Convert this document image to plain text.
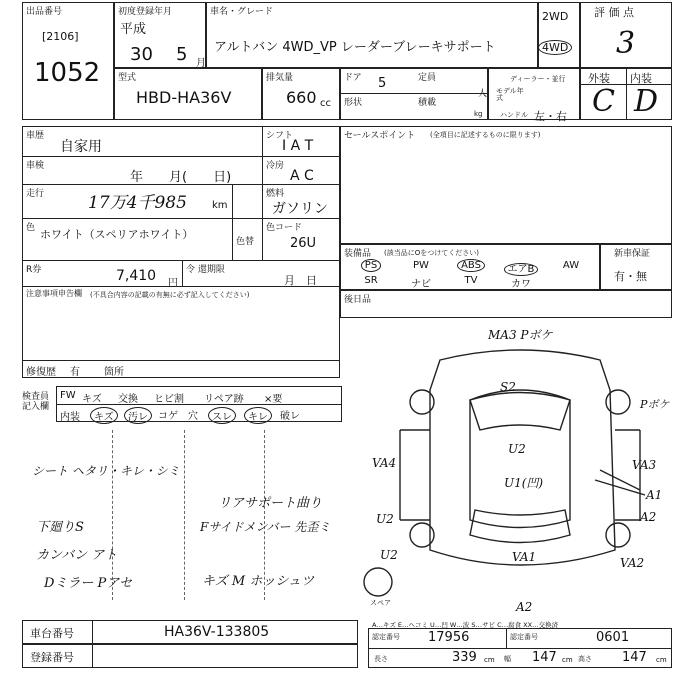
出品番号
[2106]
1052
初度登録年月
平成
30 5 月
車名・グレード
アルトバン 4WD_VP レーダーブレーキサポート
2WD
4WD
評 価 点
3
型式
HBD-HA36V
排気量
660 cc
ドア 5	定員
人
形状	積載
kg
ディーラー・並行
モデル年式
ハンドル 左・右
外装 内装
C D
車歴
自家用
シフト
I A T
車検
年　　月(　　日)
冷房
A C
走行	17万4千985	km
燃料
ガソリン
色 ホワイト（スペリアホワイト）
色替
色コード
26U
R券	7,410 円
令 還期限
月　日
注意事項申告欄 (不具合内容の記載の有無に必ず記入してください)
修復歴 有 箇所
セールスポイント (全項目に記述するものに限ります)
装備品 (該当品にOをつけてください)
PS	PW	ABS	エアB	AW
SR	ナビ	TV	カワ
新車保証
有・無
後日品
検査員記入欄
FW キズ 交換 ヒビ割 リペア跡 ×要
内装	キズ	汚レ	コゲ 穴	スレ	キレ	破レ
シート ヘタリ・キレ・シミ
下廻りS
カンバン アト
Dミラー Pアセ
リアサポート曲り
Fサイドメンバー 先歪ミ
キズ M ホッシュツ
S2
U2
U1(凹)
VA4	VA3
A1
A2
U2
VA1
U2
VA2
A2
MA3 Pボケ
Pボケ
スペア
車台番号	HA36V-133805
登録番号
A…キズ E…ヘコミ U…凹 W…波 S…サビ C…腐食 XX…交換済
認定番号 17956	認定番号	0601
長さ	339 cm 幅 147 cm 高さ 147 cm
